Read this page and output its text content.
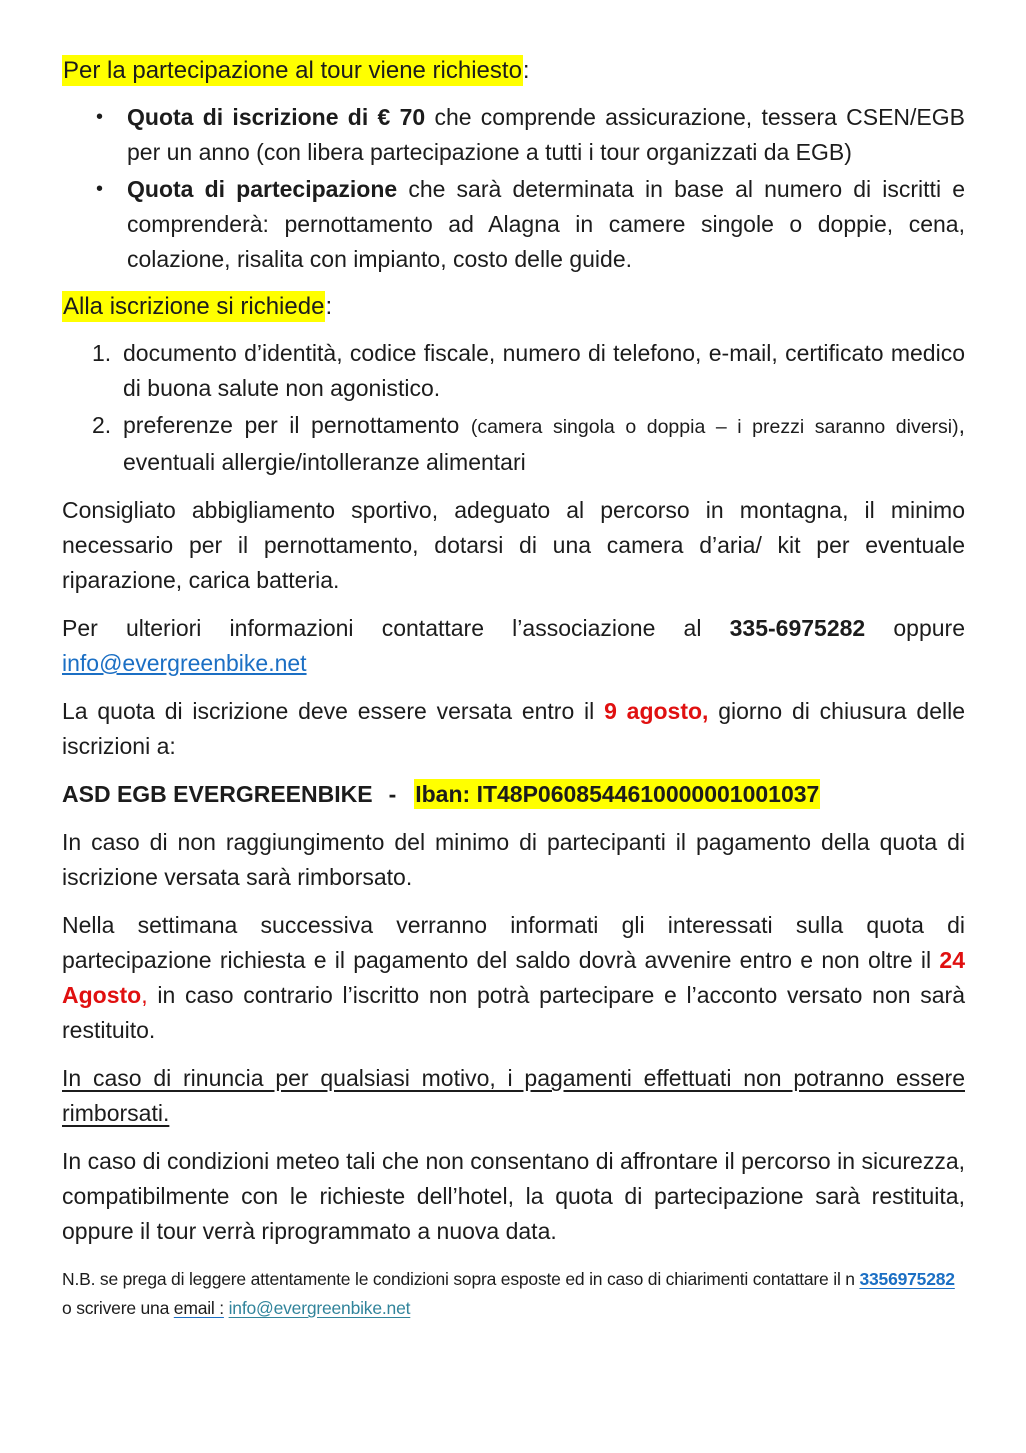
Per la partecipazione al tour viene richiesto:

•	Quota di iscrizione di € 70 che comprende assicurazione, tessera CSEN/EGB per un anno (con libera partecipazione a tutti i tour organizzati da EGB)
•	Quota di partecipazione che sarà determinata in base al numero di iscritti e comprenderà: pernottamento ad Alagna in camere singole o doppie, cena, colazione, risalita con impianto, costo delle guide.

Alla iscrizione si richiede:

1. documento d’identità, codice fiscale, numero di telefono, e-mail, certificato medico di buona salute non agonistico.
2. preferenze per il pernottamento (camera singola o doppia – i prezzi saranno diversi), eventuali allergie/intolleranze alimentari

Consigliato abbigliamento sportivo, adeguato al percorso in montagna, il minimo necessario per il pernottamento, dotarsi di una camera d’aria/ kit per eventuale riparazione, carica batteria.

Per ulteriori informazioni contattare l’associazione al 335-6975282 oppure info@evergreenbike.net

La quota di iscrizione deve essere versata entro il 9 agosto, giorno di chiusura delle iscrizioni a:

ASD EGB EVERGREENBIKE - Iban: IT48P0608544610000001001037

In caso di non raggiungimento del minimo di partecipanti il pagamento della quota di iscrizione versata sarà rimborsato.

Nella settimana successiva verranno informati gli interessati sulla quota di partecipazione richiesta e il pagamento del saldo dovrà avvenire entro e non oltre il 24 Agosto, in caso contrario l’iscritto non potrà partecipare e l’acconto versato non sarà restituito.

In caso di rinuncia per qualsiasi motivo, i pagamenti effettuati non potranno essere rimborsati.

In caso di condizioni meteo tali che non consentano di affrontare il percorso in sicurezza, compatibilmente con le richieste dell’hotel, la quota di partecipazione sarà restituita, oppure il tour verrà riprogrammato a nuova data.

N.B. se prega di leggere attentamente le condizioni sopra esposte ed in caso di chiarimenti contattare il n 3356975282 o scrivere una email : info@evergreenbike.net
